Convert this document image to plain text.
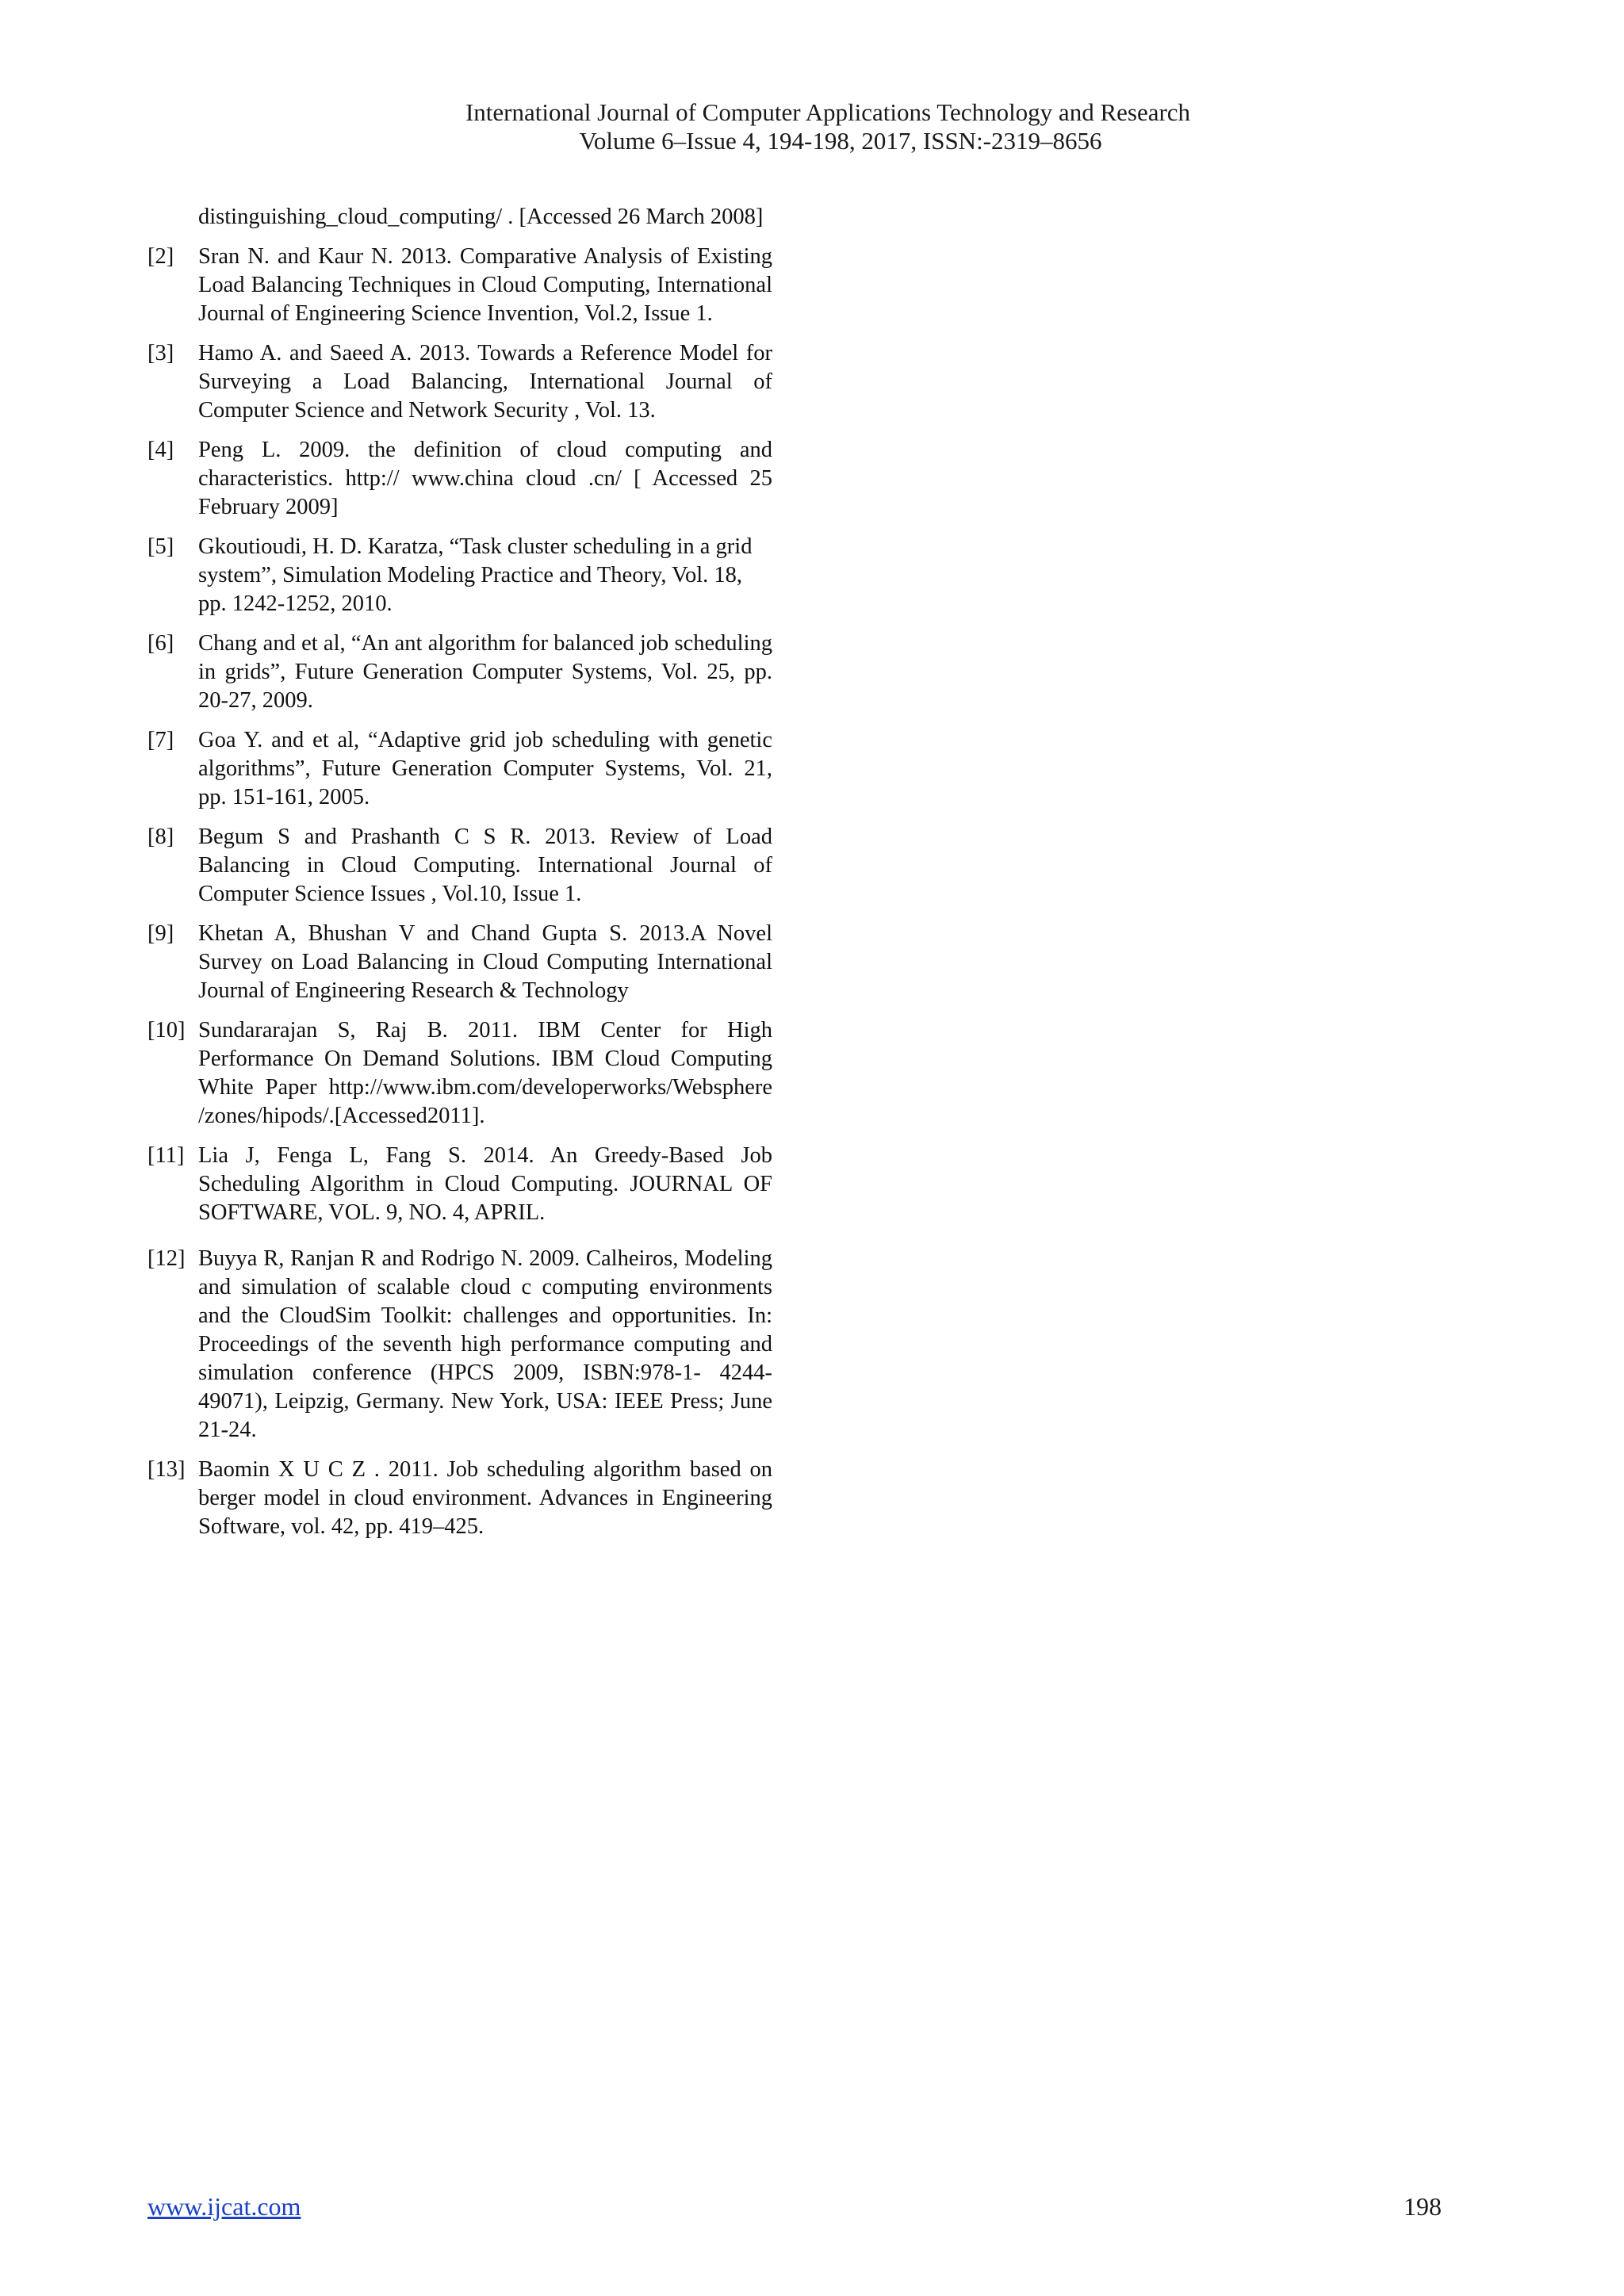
International Journal of Computer Applications Technology and Research
Volume 6–Issue 4, 194-198, 2017, ISSN:-2319–8656
distinguishing_cloud_computing/ . [Accessed 26 March 2008]
[2]	Sran N. and Kaur N. 2013. Comparative Analysis of Existing Load Balancing Techniques in Cloud Computing, International Journal of Engineering Science Invention, Vol.2, Issue 1.
[3]	Hamo A. and Saeed A. 2013. Towards a Reference Model for Surveying a Load Balancing, International Journal of Computer Science and Network Security , Vol. 13.
[4]	Peng L. 2009. the definition of cloud computing and characteristics. http:// www.china cloud .cn/ [ Accessed 25 February 2009]
[5]	Gkoutioudi, H. D. Karatza, “Task cluster scheduling in a grid system”, Simulation Modeling Practice and Theory, Vol. 18, pp. 1242-1252, 2010.
[6]	Chang and et al, “An ant algorithm for balanced job scheduling in grids”, Future Generation Computer Systems, Vol. 25, pp. 20-27, 2009.
[7]	Goa Y. and et al, “Adaptive grid job scheduling with genetic algorithms”, Future Generation Computer Systems, Vol. 21, pp. 151-161, 2005.
[8]	Begum S and Prashanth C S R. 2013. Review of Load Balancing in Cloud Computing. International Journal of Computer Science Issues , Vol.10, Issue 1.
[9]	Khetan A, Bhushan V and Chand Gupta S. 2013.A Novel Survey on Load Balancing in Cloud Computing International Journal of Engineering Research & Technology
[10] Sundararajan S, Raj B. 2011. IBM Center for High Performance On Demand Solutions. IBM Cloud Computing White Paper http://www.ibm.com/developerworks/Websphere /zones/hipods/.[Accessed2011].
[11] Lia J, Fenga L, Fang S. 2014. An Greedy-Based Job Scheduling Algorithm in Cloud Computing. JOURNAL OF SOFTWARE, VOL. 9, NO. 4, APRIL.
[12] Buyya R, Ranjan R and Rodrigo N. 2009. Calheiros, Modeling and simulation of scalable cloud c computing environments and the CloudSim Toolkit: challenges and opportunities. In: Proceedings of the seventh high performance computing and simulation conference (HPCS 2009, ISBN:978-1- 4244-49071), Leipzig, Germany. New York, USA: IEEE Press; June 21-24.
[13] Baomin X U C Z . 2011. Job scheduling algorithm based on berger model in cloud environment. Advances in Engineering Software, vol. 42, pp. 419–425.
www.ijcat.com	198
